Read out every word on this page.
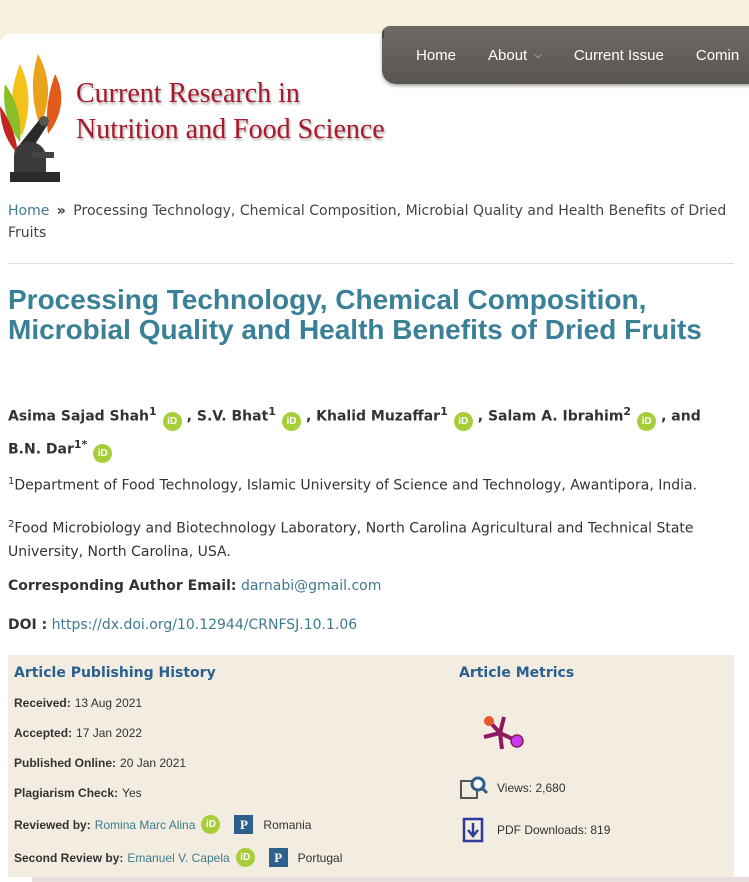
Home About ⌵ Current Issue Comin
Current Research in
Nutrition and Food Science
Home » Processing Technology, Chemical Composition, Microbial Quality and Health Benefits of Dried Fruits
Processing Technology, Chemical Composition, Microbial Quality and Health Benefits of Dried Fruits
Asima Sajad Shah$^1$iD , S.V. Bhat$^1$iD , Khalid Muzaffar$^1$iD , Salam A. Ibrahim$^2$iD , and B.N. Dar$^{1*}$iD
$^1$Department of Food Technology, Islamic University of Science and Technology, Awantipora, India.
$^2$Food Microbiology and Biotechnology Laboratory, North Carolina Agricultural and Technical State University, North Carolina, USA.
Corresponding Author Email: darnabi@gmail.com
DOI : https://dx.doi.org/10.12944/CRNFSJ.10.1.06
Article Publishing History	Article Metrics
Received: 13 Aug 2021
Accepted: 17 Jan 2022
Published Online: 20 Jan 2021
Plagiarism Check: Yes
Reviewed by: Romina Marc Alina	iD	P	Romania
Second Review by: Emanuel V. Capela	iD	P	Portugal
Views: 2,680
PDF Downloads: 819
